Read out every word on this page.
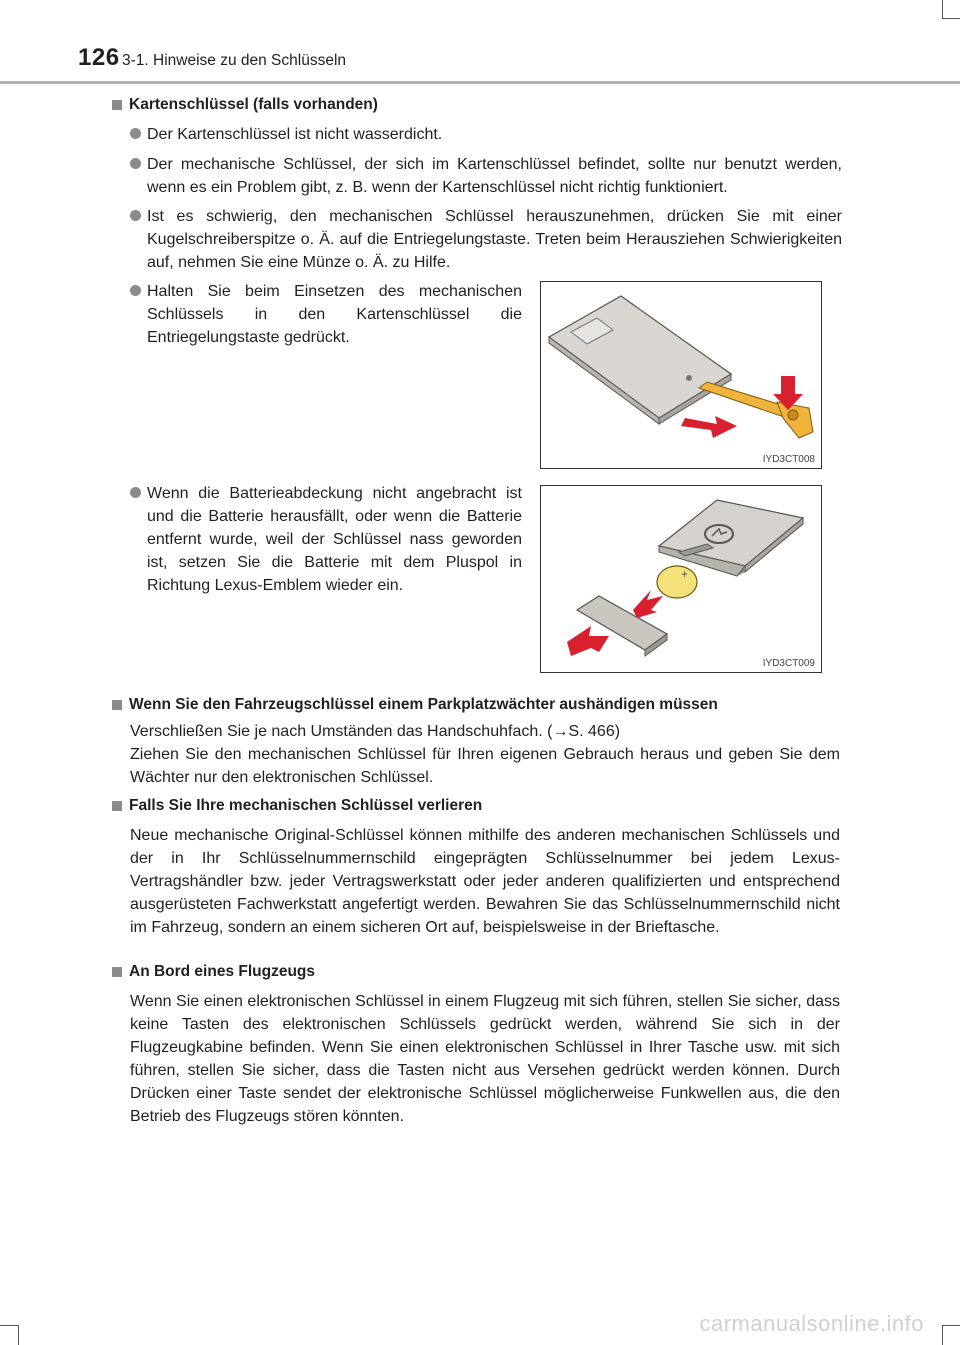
126 3-1. Hinweise zu den Schlüsseln
Kartenschlüssel (falls vorhanden)
Der Kartenschlüssel ist nicht wasserdicht.
Der mechanische Schlüssel, der sich im Kartenschlüssel befindet, sollte nur benutzt werden, wenn es ein Problem gibt, z. B. wenn der Kartenschlüssel nicht richtig funktioniert.
Ist es schwierig, den mechanischen Schlüssel herauszunehmen, drücken Sie mit einer Kugelschreiberspitze o. Ä. auf die Entriegelungstaste. Treten beim Herausziehen Schwierigkeiten auf, nehmen Sie eine Münze o. Ä. zu Hilfe.
Halten Sie beim Einsetzen des mechanischen Schlüssels in den Kartenschlüssel die Entriegelungstaste gedrückt.
IYD3CT008
Wenn die Batterieabdeckung nicht angebracht ist und die Batterie herausfällt, oder wenn die Batterie entfernt wurde, weil der Schlüssel nass geworden ist, setzen Sie die Batterie mit dem Pluspol in Richtung Lexus-Emblem wieder ein.
+
IYD3CT009
Wenn Sie den Fahrzeugschlüssel einem Parkplatzwächter aushändigen müssen

Verschließen Sie je nach Umständen das Handschuhfach. (→S. 466)

Ziehen Sie den mechanischen Schlüssel für Ihren eigenen Gebrauch heraus und geben Sie dem Wächter nur den elektronischen Schlüssel.

Falls Sie Ihre mechanischen Schlüssel verlieren
Neue mechanische Original-Schlüssel können mithilfe des anderen mechanischen Schlüssels und der in Ihr Schlüsselnummernschild eingeprägten Schlüsselnummer bei jedem Lexus-Vertragshändler bzw. jeder Vertragswerkstatt oder jeder anderen qualifizierten und entsprechend ausgerüsteten Fachwerkstatt angefertigt werden. Bewahren Sie das Schlüsselnummernschild nicht im Fahrzeug, sondern an einem sicheren Ort auf, beispielsweise in der Brieftasche.
An Bord eines Flugzeugs
Wenn Sie einen elektronischen Schlüssel in einem Flugzeug mit sich führen, stellen Sie sicher, dass keine Tasten des elektronischen Schlüssels gedrückt werden, während Sie sich in der Flugzeugkabine befinden. Wenn Sie einen elektronischen Schlüssel in Ihrer Tasche usw. mit sich führen, stellen Sie sicher, dass die Tasten nicht aus Versehen gedrückt werden können. Durch Drücken einer Taste sendet der elektronische Schlüssel möglicherweise Funkwellen aus, die den Betrieb des Flugzeugs stören könnten.
carmanualsonline.info
